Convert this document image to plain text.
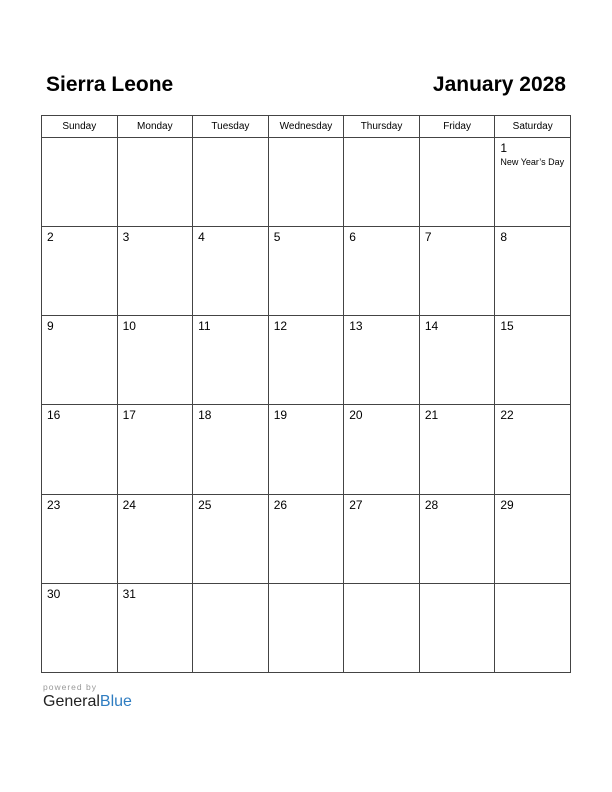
Sierra Leone	January 2028
Sunday	Monday	Tuesday	Wednesday	Thursday	Friday	Saturday

						1
New Year’s Day

2	3	4	5	6	7	8

9	10	11	12	13	14	15

16	17	18	19	20	21	22

23	24	25	26	27	28	29

30	31					

powered by
GeneralBlue
